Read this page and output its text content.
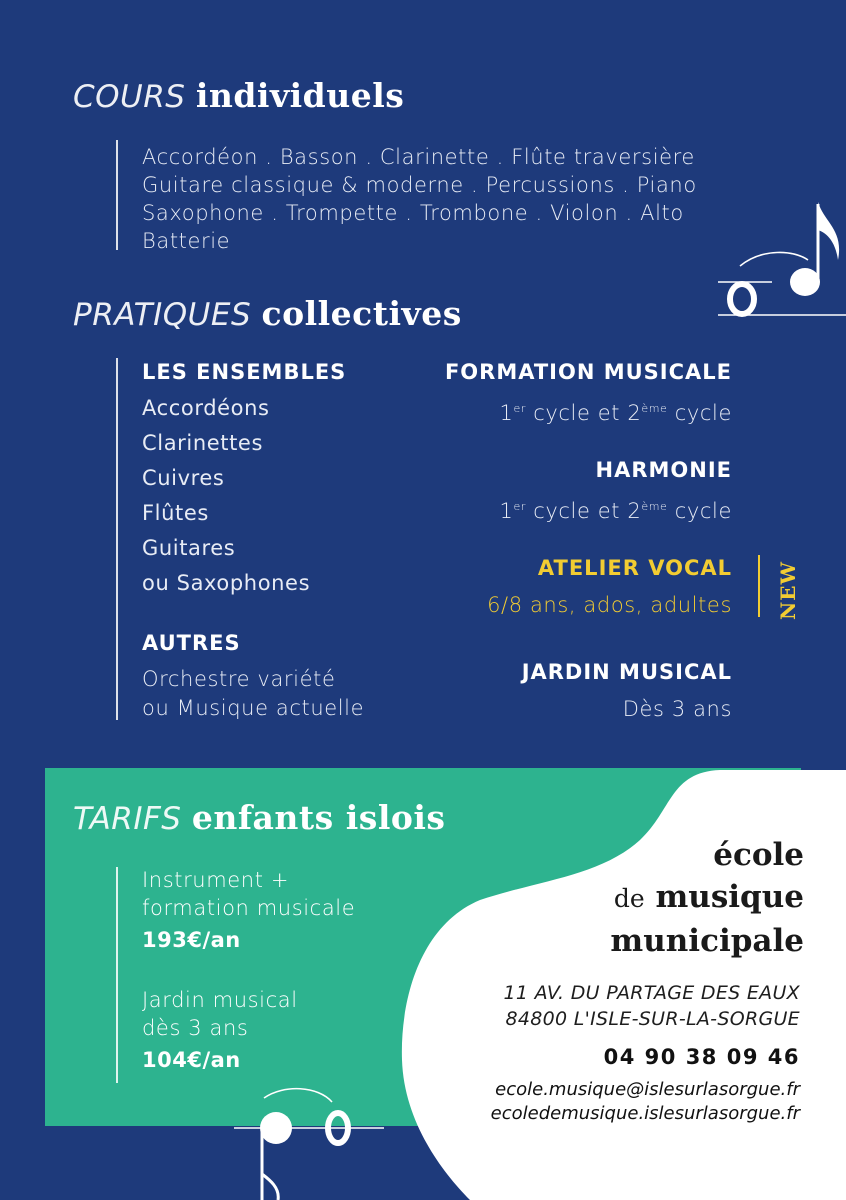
COURS individuels
Accordéon . Basson . Clarinette . Flûte traversière
Guitare classique & moderne . Percussions . Piano
Saxophone . Trompette . Trombone . Violon . Alto
Batterie
PRATIQUES collectives
LES ENSEMBLES
Accordéons
Clarinettes
Cuivres
Flûtes
Guitares
ou Saxophones
AUTRES
Orchestre variété
ou Musique actuelle
FORMATION MUSICALE
1er cycle et 2ème cycle
HARMONIE
1er cycle et 2ème cycle
ATELIER VOCAL
6/8 ans, ados, adultes NEW
JARDIN MUSICAL
Dès 3 ans
TARIFS enfants islois
Instrument +
formation musicale
193€/an
Jardin musical
dès 3 ans
104€/an
école
de musique
municipale
11 AV. DU PARTAGE DES EAUX
84800 L'ISLE-SUR-LA-SORGUE
04 90 38 09 46
ecole.musique@islesurlasorgue.fr
ecoledemusique.islesurlasorgue.fr
